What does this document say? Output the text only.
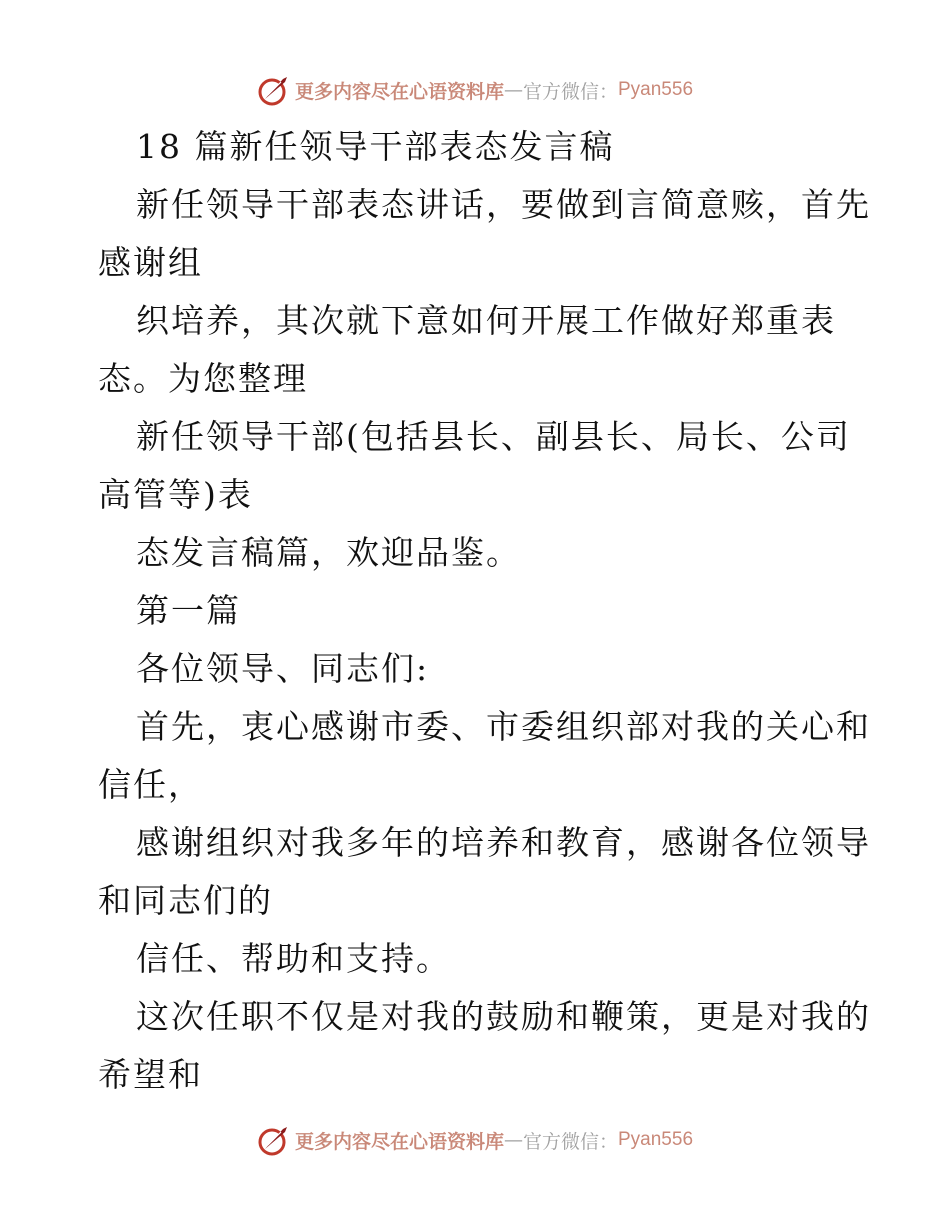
更多内容尽在心语资料库 — 官方微信： Pyan556
18 篇新任领导干部表态发言稿
新任领导干部表态讲话，要做到言简意赅，首先
感谢组
织培养，其次就下意如何开展工作做好郑重表
态。为您整理
新任领导干部(包括县长、副县长、局长、公司
高管等)表
态发言稿篇，欢迎品鉴。
第一篇
各位领导、同志们:
首先，衷心感谢市委、市委组织部对我的关心和
信任，
感谢组织对我多年的培养和教育，感谢各位领导
和同志们的
信任、帮助和支持。
这次任职不仅是对我的鼓励和鞭策，更是对我的
希望和
更多内容尽在心语资料库 — 官方微信： Pyan556
